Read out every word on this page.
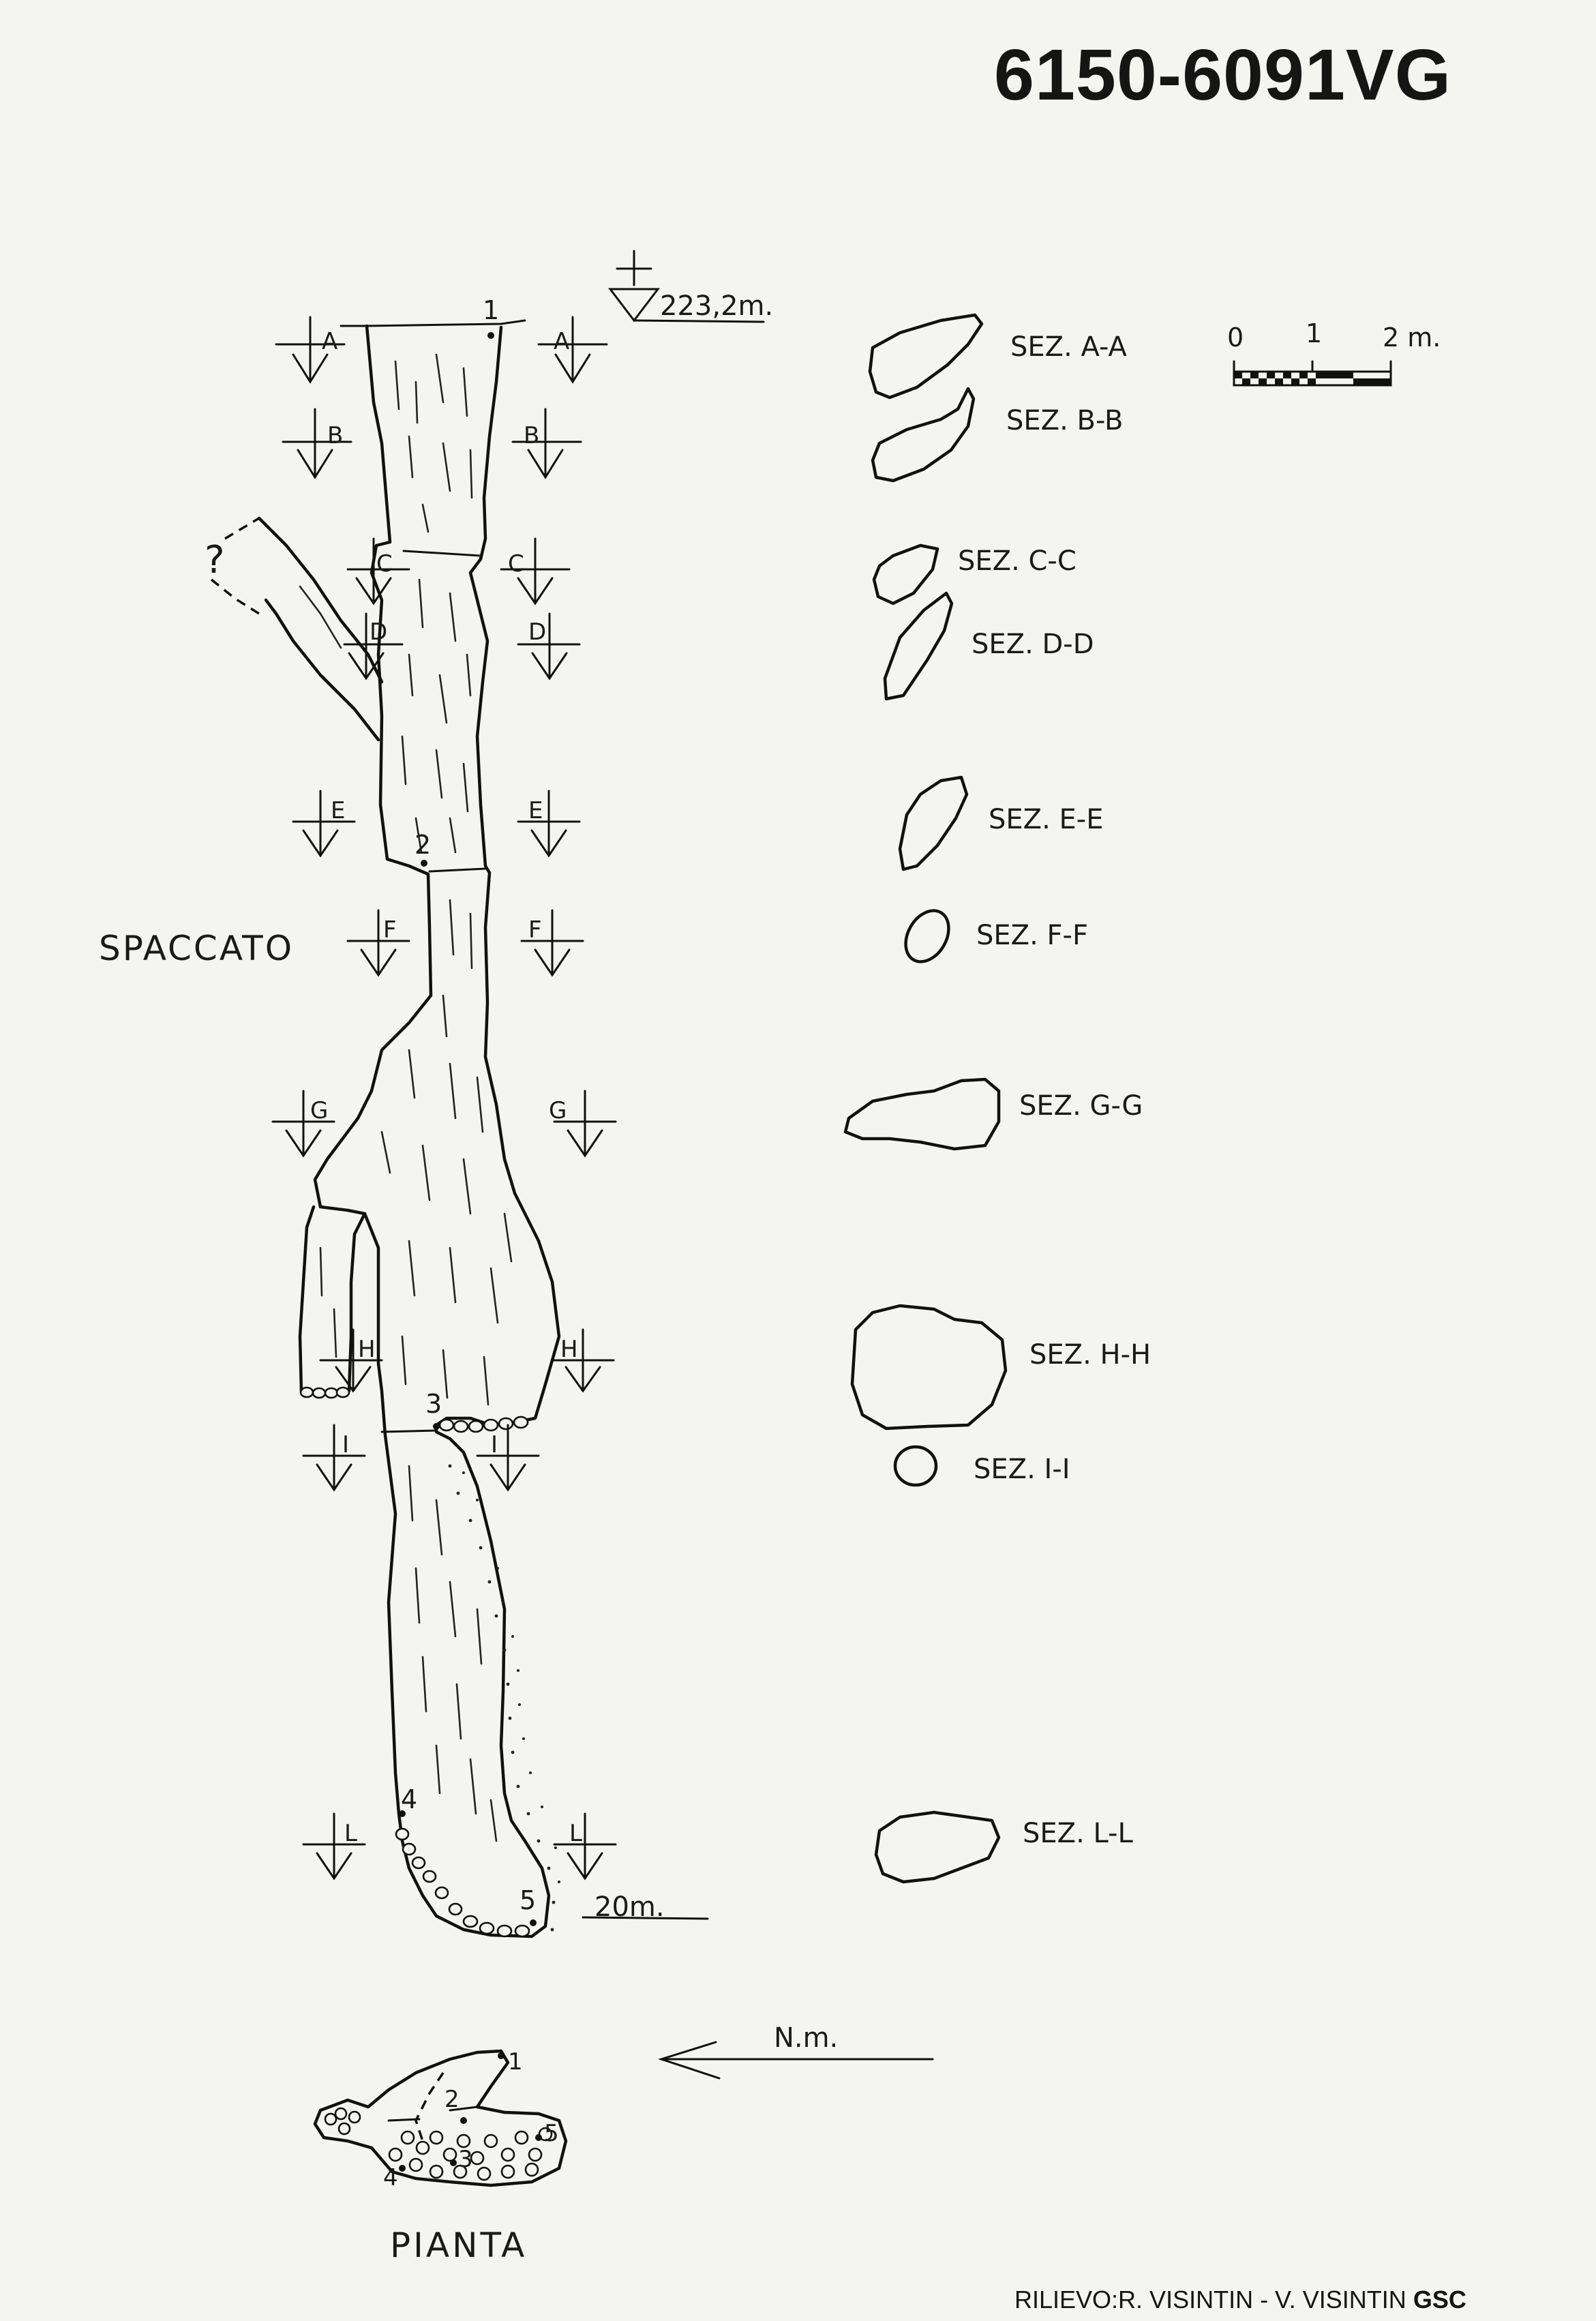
6150-6091VG
1
2
3
4
5
?
223,2m.
20m.
SPACCATO
PIANTA
A	A
B	B
C	C
D	D
E	E
F	F
G	G
H	H
I	I
L	L
SEZ. A-A
SEZ. B-B
SEZ. C-C
SEZ. D-D
SEZ. E-E
SEZ. F-F
SEZ. G-G
SEZ. H-H
SEZ. I-I
SEZ. L-L
0 1 2 m.
N.m.
1
2
3
4
5
RILIEVO:R. VISINTIN - V. VISINTIN GSC
